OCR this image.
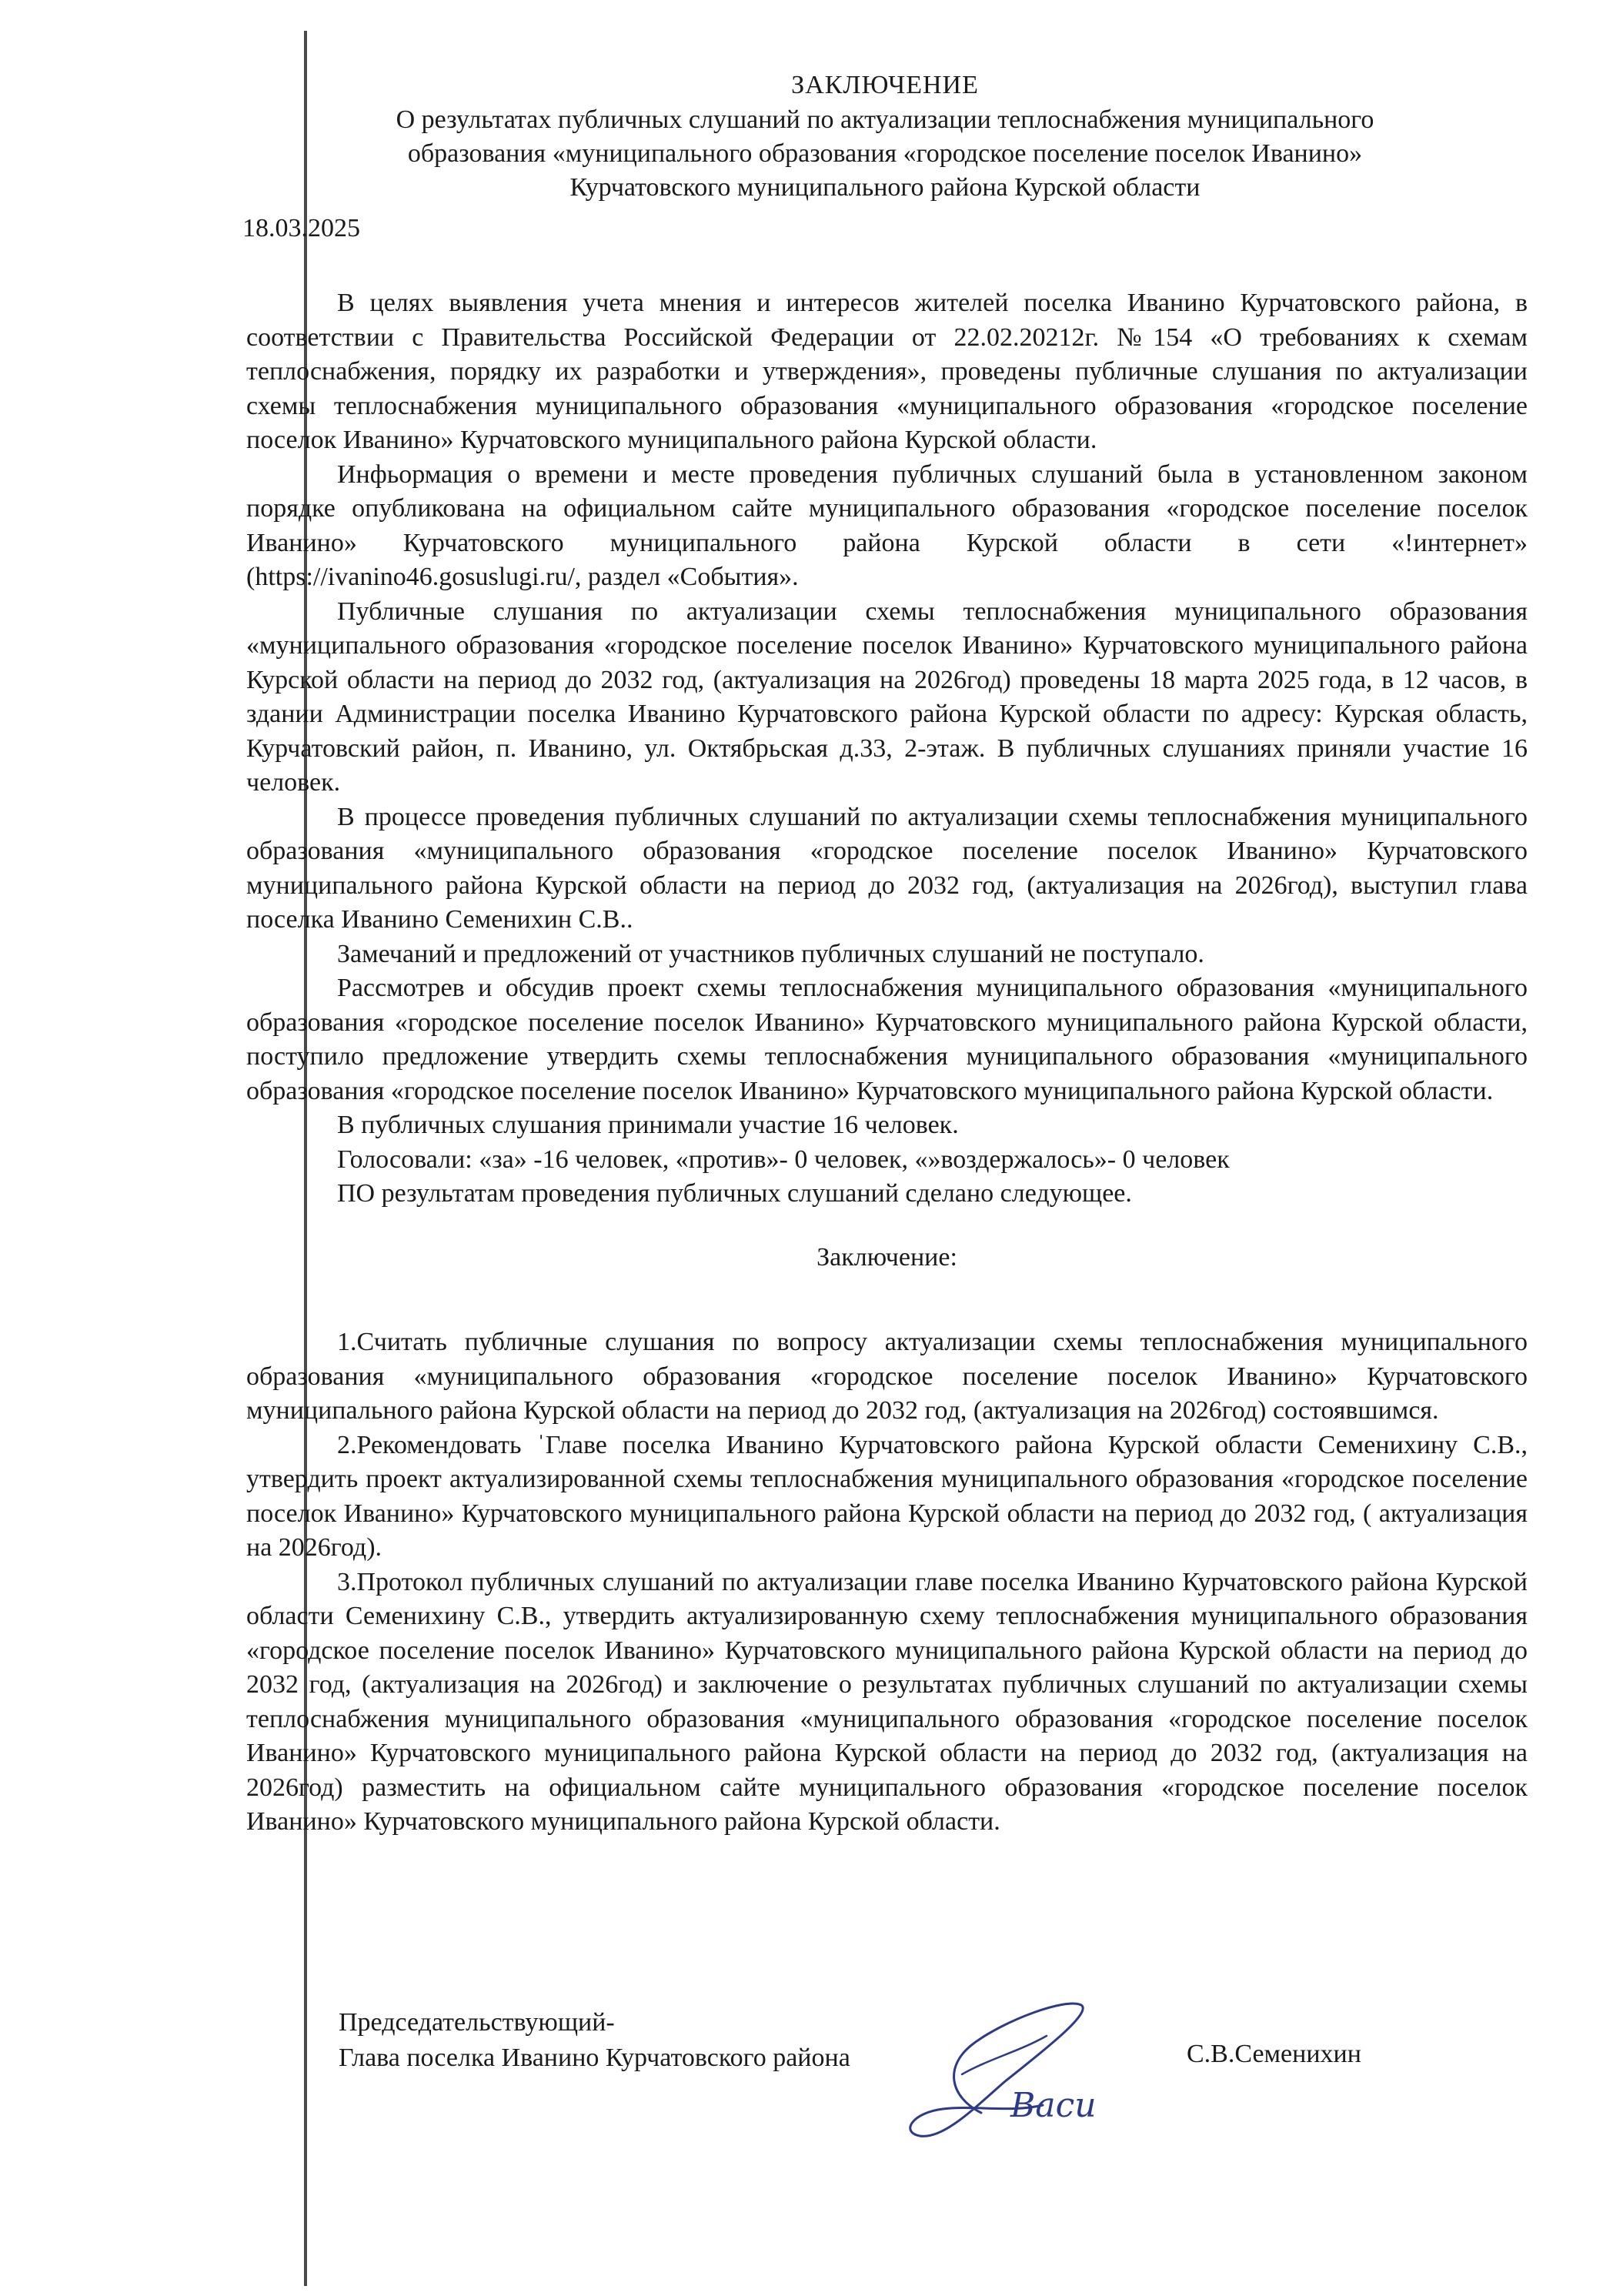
ЗАКЛЮЧЕНИЕ
О результатах публичных слушаний по актуализации теплоснабжения муниципального
образования «муниципального образования «городское поселение поселок Иванино»
Курчатовского муниципального района Курской области
18.03.2025

В целях выявления учета мнения и интересов жителей поселка Иванино Курчатовского района, в соответствии с Правительства Российской Федерации от 22.02.20212г. №154 «О требованиях к схемам теплоснабжения, порядку их разработки и утверждения», проведены публичные слушания по актуализации схемы теплоснабжения муниципального образования «муниципального образования «городское поселение поселок Иванино» Курчатовского муниципального района Курской области.

Инфьормация о времени и месте проведения публичных слушаний была в установленном законом порядке опубликована на официальном сайте муниципального образования «городское поселение поселок Иванино» Курчатовского муниципального района Курской области в сети «!интернет» (https://ivanino46.gosuslugi.ru/, раздел «События».

Публичные слушания по актуализации схемы теплоснабжения муниципального образования «муниципального образования «городское поселение поселок Иванино» Курчатовского муниципального района Курской области на период до 2032 год, (актуализация на 2026год) проведены 18 марта 2025 года, в 12 часов, в здании Администрации поселка Иванино Курчатовского района Курской области по адресу: Курская область, Курчатовский район, п. Иванино, ул. Октябрьская д.33, 2-этаж. В публичных слушаниях приняли участие 16 человек.

В процессе проведения публичных слушаний по актуализации схемы теплоснабжения муниципального образования «муниципального образования «городское поселение поселок Иванино» Курчатовского муниципального района Курской области на период до 2032 год, (актуализация на 2026год), выступил глава поселка Иванино Семенихин С.В..

Замечаний и предложений от участников публичных слушаний не поступало.

Рассмотрев и обсудив проект схемы теплоснабжения муниципального образования «муниципального образования «городское поселение поселок Иванино» Курчатовского муниципального района Курской области, поступило предложение утвердить схемы теплоснабжения муниципального образования «муниципального образования «городское поселение поселок Иванино» Курчатовского муниципального района Курской области.

В публичных слушания принимали участие 16 человек.

Голосовали: «за» -16 человек, «против»- 0 человек, «»воздержалось»- 0 человек

ПО результатам проведения публичных слушаний сделано следующее.

Заключение:

1.Считать публичные слушания по вопросу актуализации схемы теплоснабжения муниципального образования «муниципального образования «городское поселение поселок Иванино» Курчатовского муниципального района Курской области на период до 2032 год, (актуализация на 2026год) состоявшимся.

2.Рекомендовать ˈГлаве поселка Иванино Курчатовского района Курской области Семенихину С.В., утвердить проект актуализированной схемы теплоснабжения муниципального образования «городское поселение поселок Иванино» Курчатовского муниципального района Курской области на период до 2032 год, ( актуализация на 2026год).

3.Протокол публичных слушаний по актуализации главе поселка Иванино Курчатовского района Курской области Семенихину С.В., утвердить актуализированную схему теплоснабжения муниципального образования «городское поселение поселок Иванино» Курчатовского муниципального района Курской области на период до 2032 год, (актуализация на 2026год) и заключение о результатах публичных слушаний по актуализации схемы теплоснабжения муниципального образования «муниципального образования «городское поселение поселок Иванино» Курчатовского муниципального района Курской области на период до 2032 год, (актуализация на 2026год) разместить на официальном сайте муниципального образования «городское поселение поселок Иванино» Курчатовского муниципального района Курской области.

Председательствующий-
Глава поселка Иванино Курчатовского района	С.В.Семенихин
Васи
